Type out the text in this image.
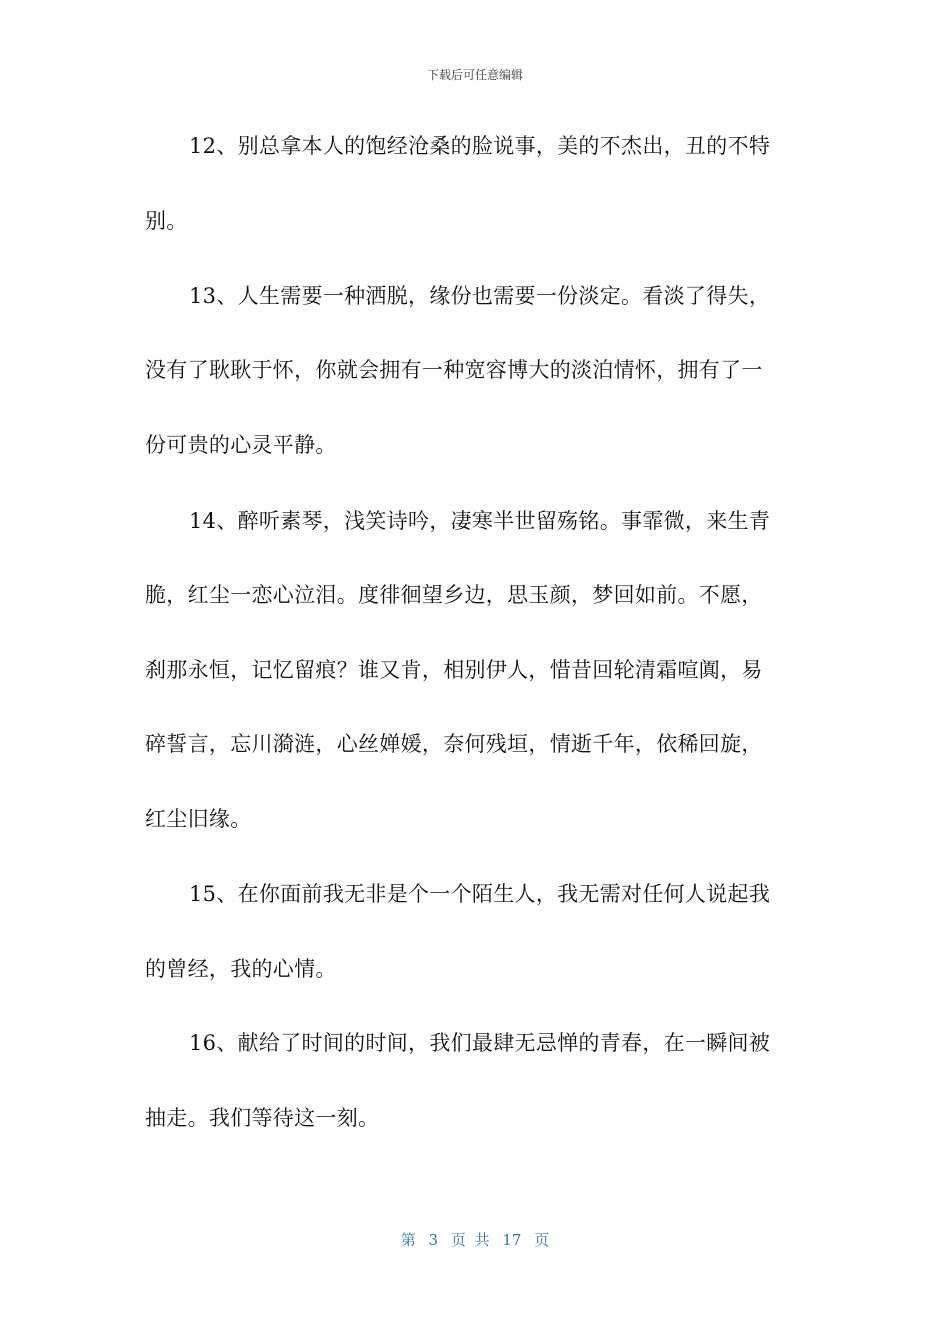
下载后可任意编辑
12、别总拿本人的饱经沧桑的脸说事，美的不杰出，丑的不特
别。
13、人生需要一种洒脱，缘份也需要一份淡定。看淡了得失，
没有了耿耿于怀，你就会拥有一种宽容博大的淡泊情怀，拥有了一
份可贵的心灵平静。
14、醉听素琴，浅笑诗吟，凄寒半世留殇铭。事霏微，来生青
脆，红尘一恋心泣泪。度徘徊望乡边，思玉颜，梦回如前。不愿，
刹那永恒，记忆留痕？谁又肯，相别伊人，惜昔回轮清霜喧阗，易
碎誓言，忘川漪涟，心丝婵媛，奈何残垣，情逝千年，依稀回旋，
红尘旧缘。
15、在你面前我无非是个一个陌生人，我无需对任何人说起我
的曾经，我的心情。
16、献给了时间的时间，我们最肆无忌惮的青春，在一瞬间被
抽走。我们等待这一刻。
第 3 页 共 17 页
